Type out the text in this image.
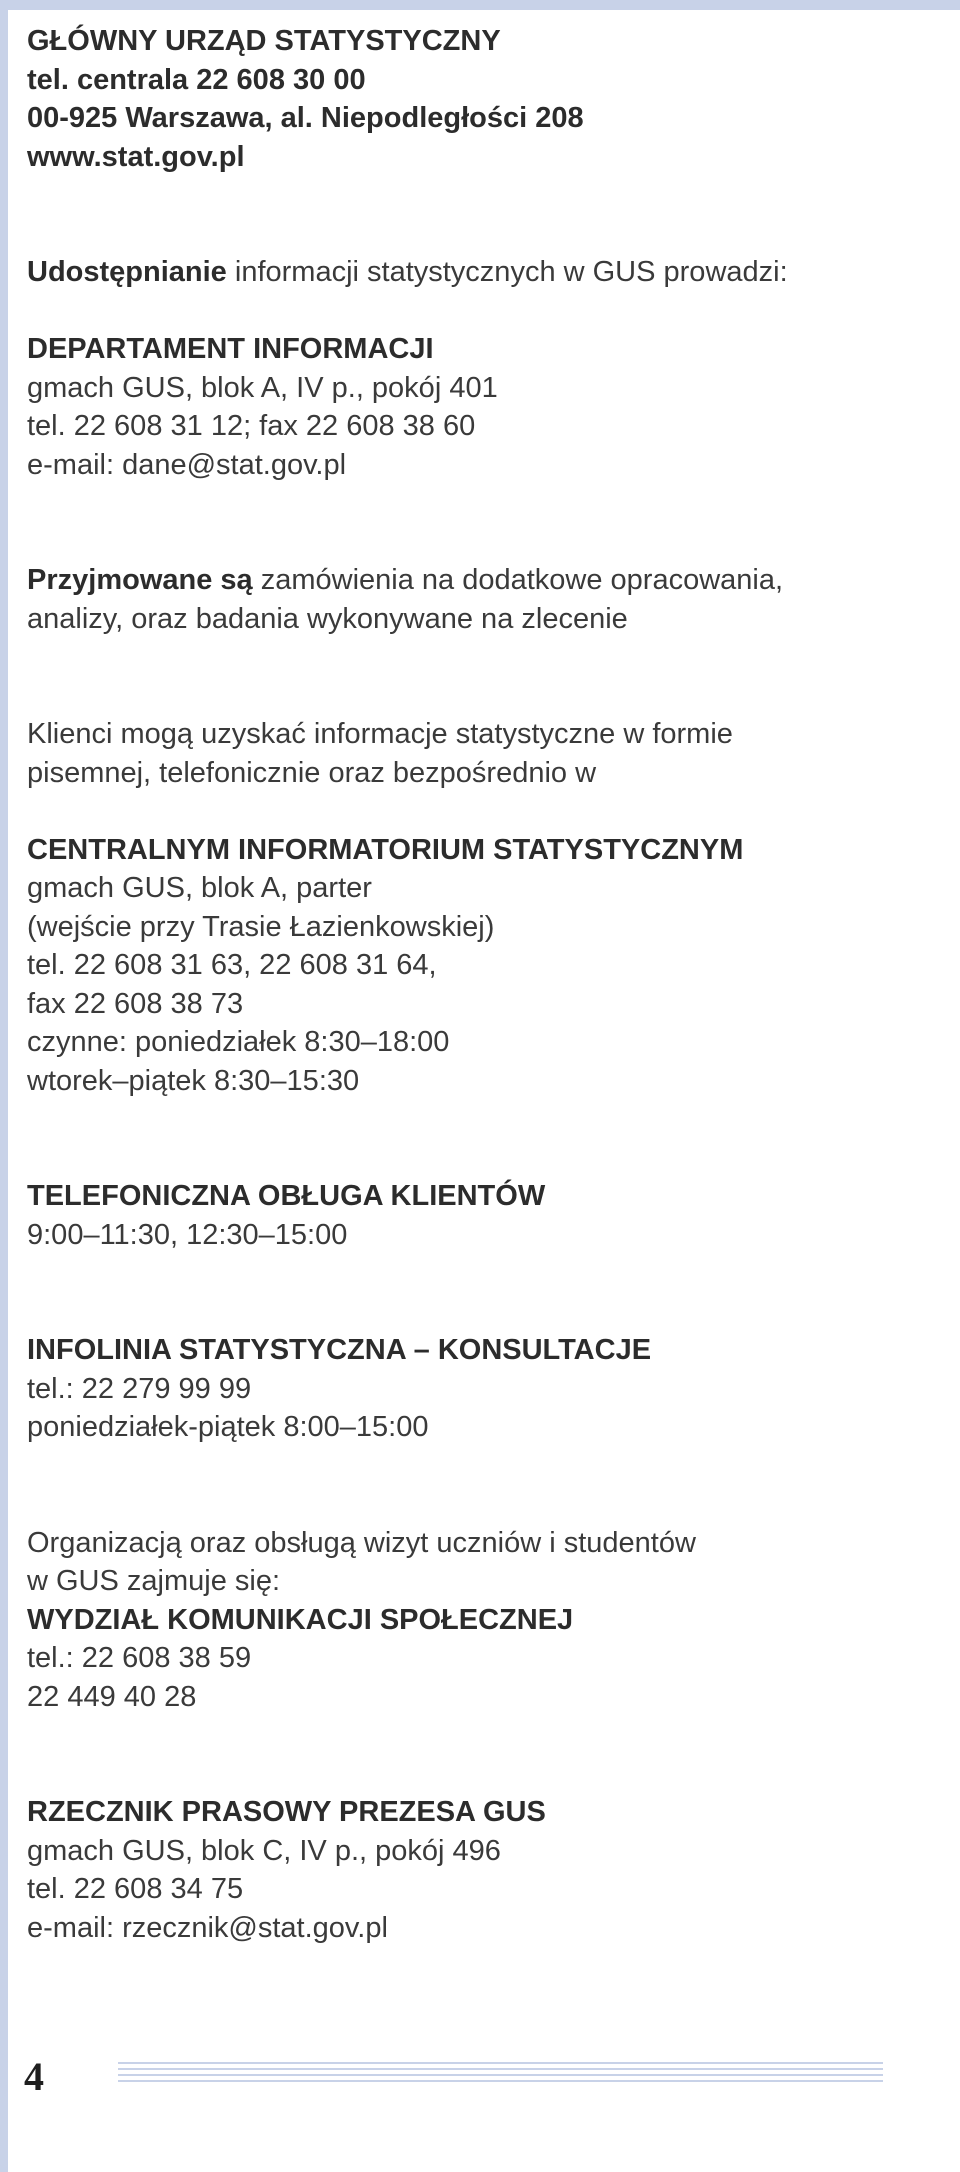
GŁÓWNY URZĄD STATYSTYCZNY

tel. centrala 22 608 30 00

00-925 Warszawa, al. Niepodległości 208

www.stat.gov.pl

Udostępnianie informacji statystycznych w GUS prowadzi:

DEPARTAMENT INFORMACJI

gmach GUS, blok A, IV p., pokój 401

tel. 22 608 31 12; fax 22 608 38 60

e-mail: dane@stat.gov.pl

Przyjmowane są zamówienia na dodatkowe opracowania,

analizy, oraz badania wykonywane na zlecenie

Klienci mogą uzyskać informacje statystyczne w formie

pisemnej, telefonicznie oraz bezpośrednio w

CENTRALNYM INFORMATORIUM STATYSTYCZNYM

gmach GUS, blok A, parter

(wejście przy Trasie Łazienkowskiej)

tel. 22 608 31 63, 22 608 31 64,

fax 22 608 38 73

czynne: poniedziałek 8:30–18:00

wtorek–piątek 8:30–15:30

TELEFONICZNA OBŁUGA KLIENTÓW

9:00–11:30, 12:30–15:00

INFOLINIA STATYSTYCZNA – KONSULTACJE

tel.: 22 279 99 99

poniedziałek-piątek 8:00–15:00

Organizacją oraz obsługą wizyt uczniów i studentów

w GUS zajmuje się:

WYDZIAŁ KOMUNIKACJI SPOŁECZNEJ

tel.: 22 608 38 59

22 449 40 28

RZECZNIK PRASOWY PREZESA GUS

gmach GUS, blok C, IV p., pokój 496

tel. 22 608 34 75

e-mail: rzecznik@stat.gov.pl

4
